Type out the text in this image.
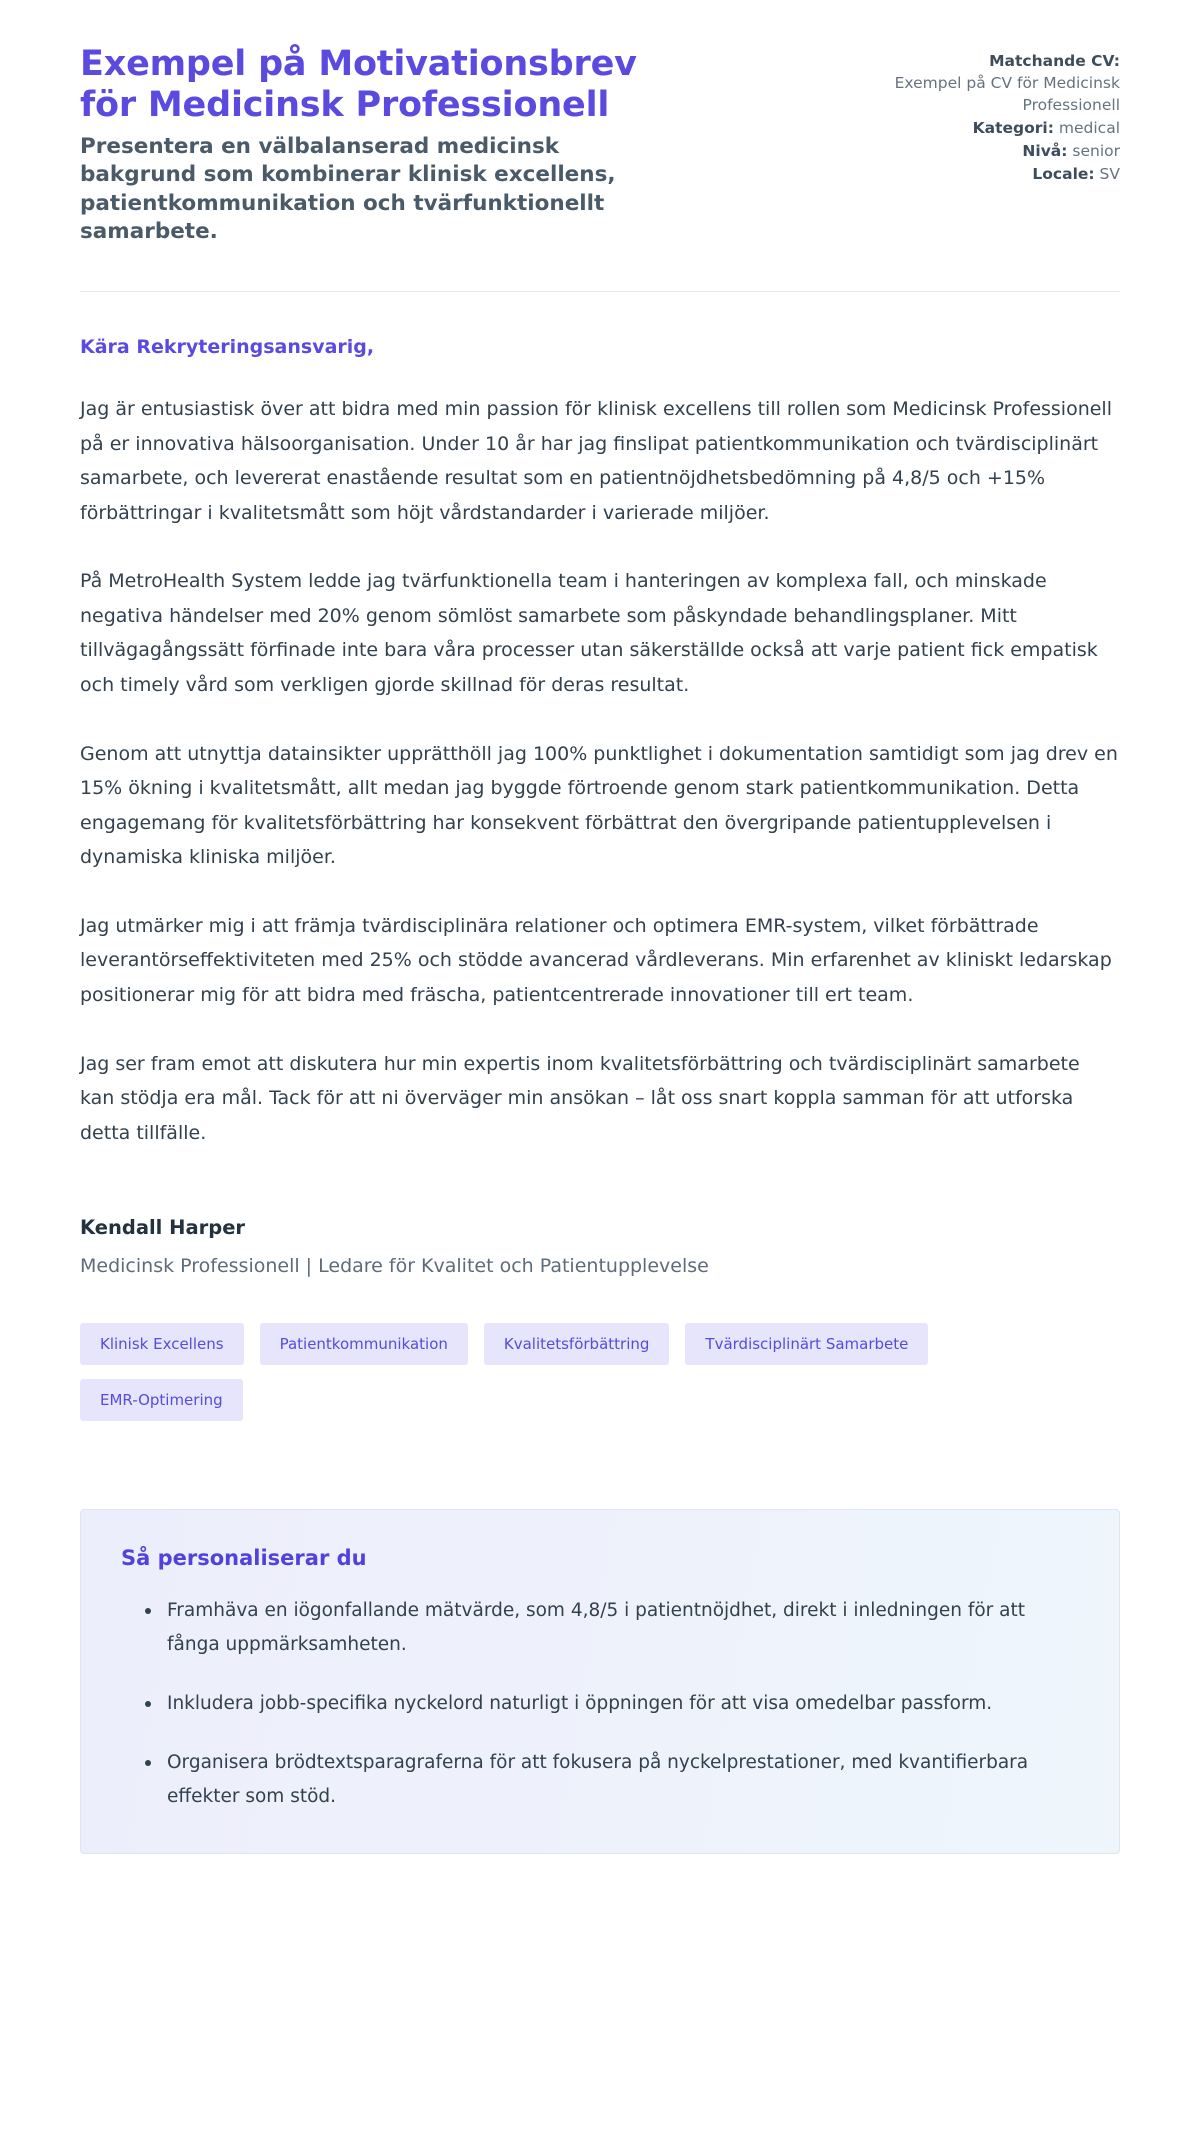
Exempel på Motivationsbrev för Medicinsk Professionell

Presentera en välbalanserad medicinsk bakgrund som kombinerar klinisk excellens, patientkommunikation och tvärfunktionellt samarbete.

Matchande CV:
Exempel på CV för Medicinsk Professionell
Kategori: medical
Nivå: senior
Locale: SV

Kära Rekryteringsansvarig,

Jag är entusiastisk över att bidra med min passion för klinisk excellens till rollen som Medicinsk Professionell på er innovativa hälsoorganisation. Under 10 år har jag finslipat patientkommunikation och tvärdisciplinärt samarbete, och levererat enastående resultat som en patientnöjdhetsbedömning på 4,8/5 och +15% förbättringar i kvalitetsmått som höjt vårdstandarder i varierade miljöer.

På MetroHealth System ledde jag tvärfunktionella team i hanteringen av komplexa fall, och minskade negativa händelser med 20% genom sömlöst samarbete som påskyndade behandlingsplaner. Mitt tillvägagångssätt förfinade inte bara våra processer utan säkerställde också att varje patient fick empatisk och timely vård som verkligen gjorde skillnad för deras resultat.

Genom att utnyttja datainsikter upprätthöll jag 100% punktlighet i dokumentation samtidigt som jag drev en 15% ökning i kvalitetsmått, allt medan jag byggde förtroende genom stark patientkommunikation. Detta engagemang för kvalitetsförbättring har konsekvent förbättrat den övergripande patientupplevelsen i dynamiska kliniska miljöer.

Jag utmärker mig i att främja tvärdisciplinära relationer och optimera EMR-system, vilket förbättrade leverantörseffektiviteten med 25% och stödde avancerad vårdleverans. Min erfarenhet av kliniskt ledarskap positionerar mig för att bidra med fräscha, patientcentrerade innovationer till ert team.

Jag ser fram emot att diskutera hur min expertis inom kvalitetsförbättring och tvärdisciplinärt samarbete kan stödja era mål. Tack för att ni överväger min ansökan – låt oss snart koppla samman för att utforska detta tillfälle.

Kendall Harper

Medicinsk Professionell | Ledare för Kvalitet och Patientupplevelse

Klinisk Excellens	Patientkommunikation	Kvalitetsförbättring	Tvärdisciplinärt Samarbete
EMR-Optimering
Så personaliserar du
Framhäva en iögonfallande mätvärde, som 4,8/5 i patientnöjdhet, direkt i inledningen för att fånga uppmärksamheten.
Inkludera jobb-specifika nyckelord naturligt i öppningen för att visa omedelbar passform.
Organisera brödtextsparagraferna för att fokusera på nyckelprestationer, med kvantifierbara effekter som stöd.
